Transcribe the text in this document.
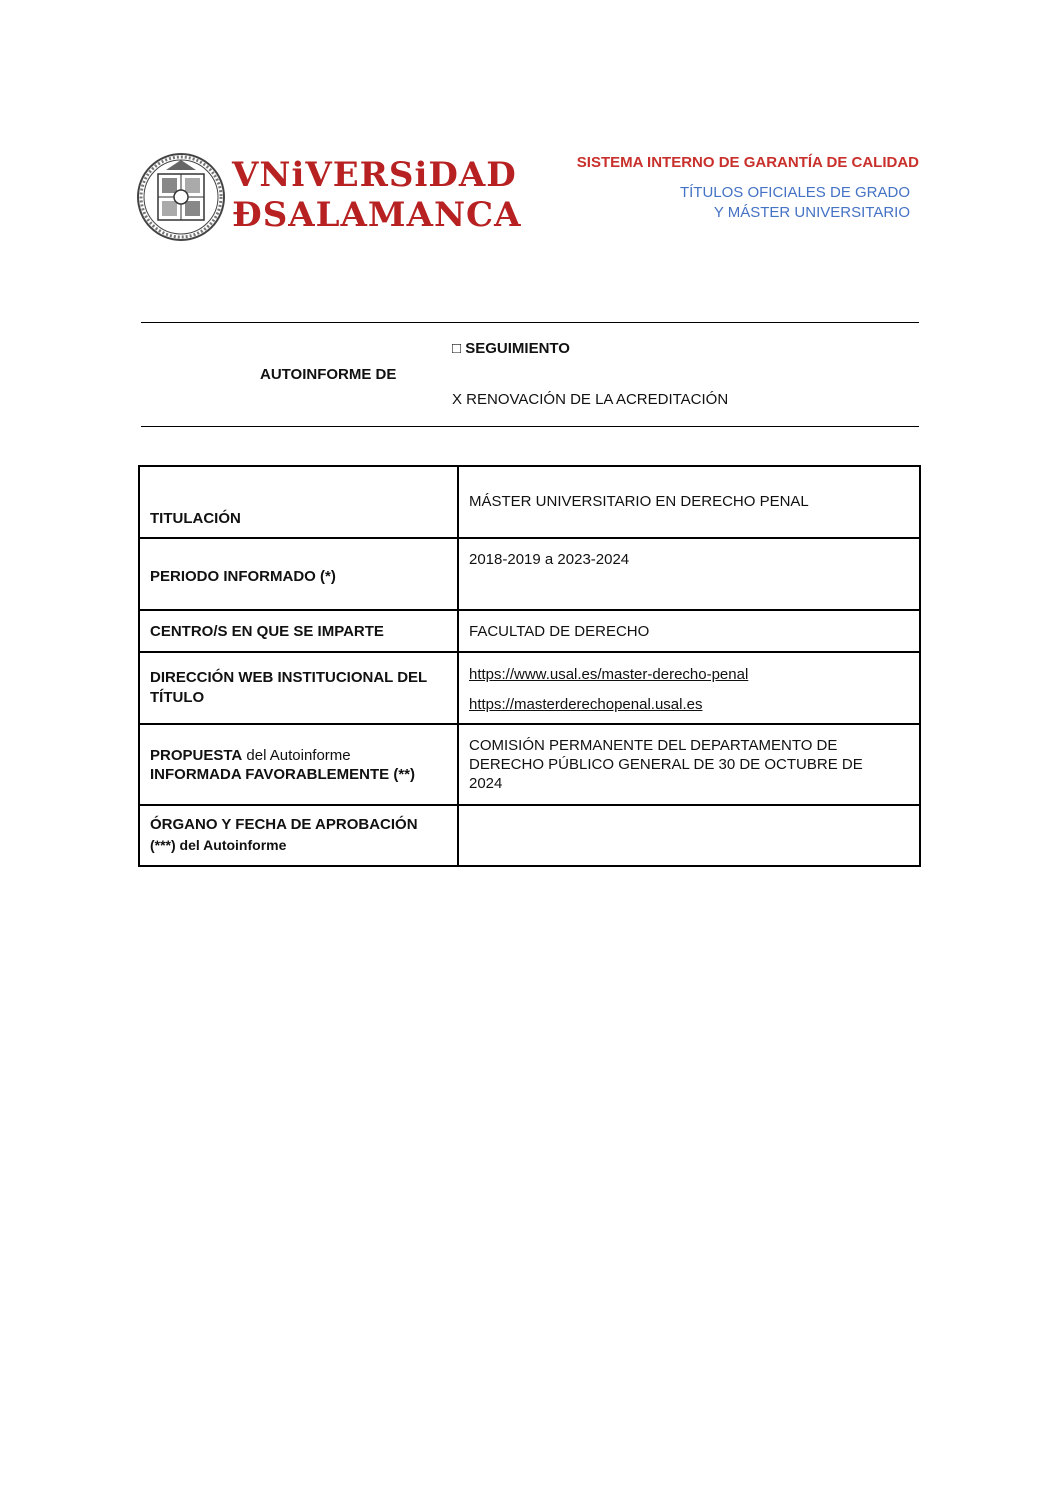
VNiVERSiDAD
ÐSALAMANCA
SISTEMA INTERNO DE GARANTÍA DE CALIDAD
TÍTULOS OFICIALES DE GRADO
Y MÁSTER UNIVERSITARIO
AUTOINFORME DE
□ SEGUIMIENTO
X RENOVACIÓN DE LA ACREDITACIÓN
TITULACIÓN	MÁSTER UNIVERSITARIO EN DERECHO PENAL
PERIODO INFORMADO (*)	2018-2019 a 2023-2024
CENTRO/S EN QUE SE IMPARTE	FACULTAD DE DERECHO
DIRECCIÓN WEB INSTITUCIONAL DEL TÍTULO	https://www.usal.es/master-derecho-penal
https://masterderechopenal.usal.es

PROPUESTA del Autoinforme
INFORMADA FAVORABLEMENTE (**)	COMISIÓN PERMANENTE DEL DEPARTAMENTO DE DERECHO PÚBLICO GENERAL DE 30 DE OCTUBRE DE 2024
ÓRGANO Y FECHA DE APROBACIÓN
(***) del Autoinforme	
